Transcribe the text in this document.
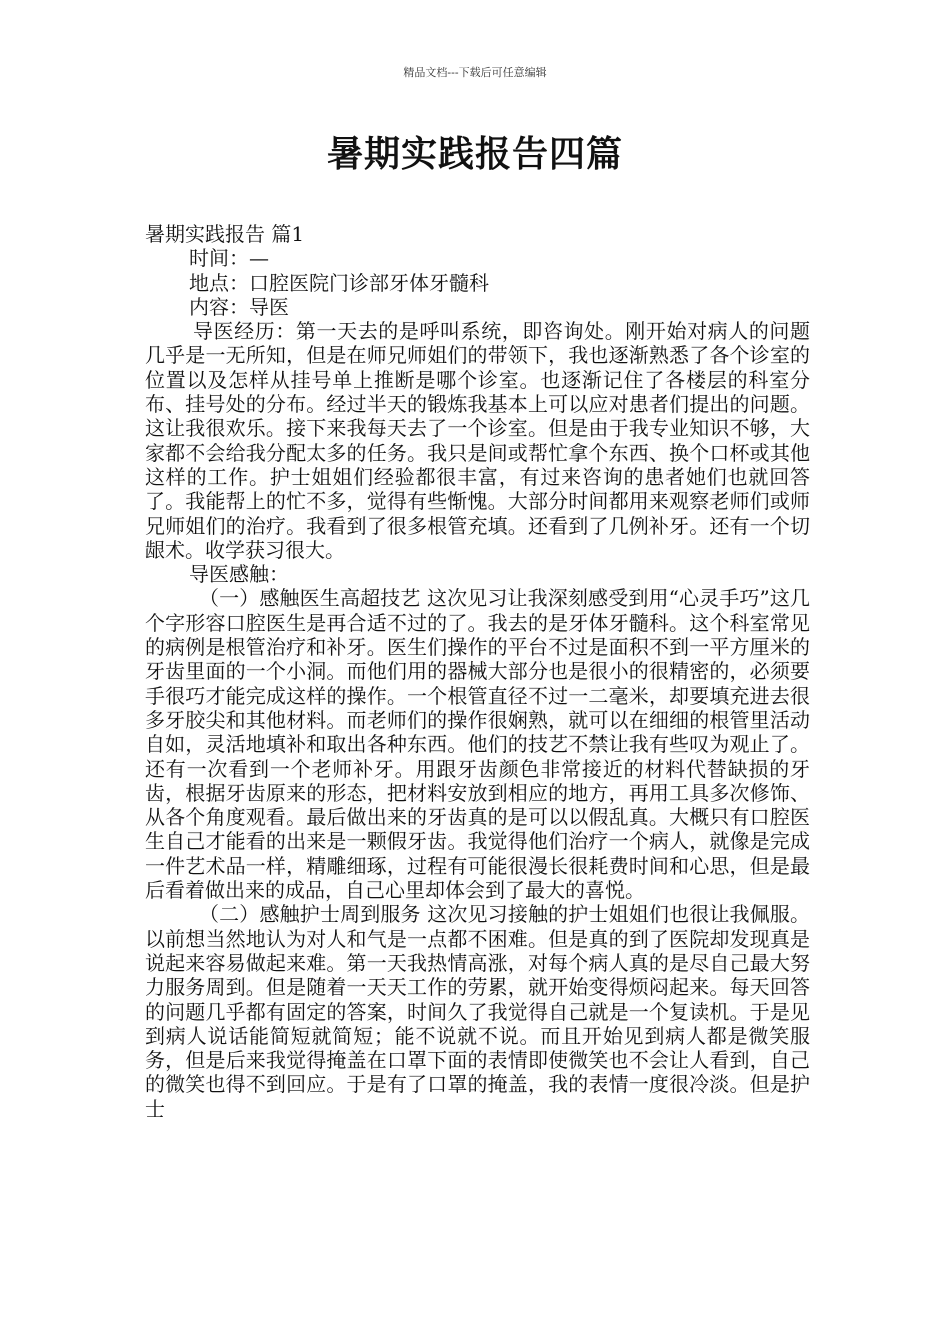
精品文档---下载后可任意编辑
暑期实践报告四篇

暑期实践报告 篇1

时间：—

地点：口腔医院门诊部牙体牙髓科

内容：导医

导医经历：第一天去的是呼叫系统，即咨询处。刚开始对病人的问题几乎是一无所知，但是在师兄师姐们的带领下，我也逐渐熟悉了各个诊室的位置以及怎样从挂号单上推断是哪个诊室。也逐渐记住了各楼层的科室分布、挂号处的分布。经过半天的锻炼我基本上可以应对患者们提出的问题。这让我很欢乐。接下来我每天去了一个诊室。但是由于我专业知识不够，大家都不会给我分配太多的任务。我只是间或帮忙拿个东西、换个口杯或其他这样的工作。护士姐姐们经验都很丰富，有过来咨询的患者她们也就回答了。我能帮上的忙不多，觉得有些惭愧。大部分时间都用来观察老师们或师兄师姐们的治疗。我看到了很多根管充填。还看到了几例补牙。还有一个切龈术。收学获习很大。

导医感触：

（一）感触医生高超技艺 这次见习让我深刻感受到用“心灵手巧”这几个字形容口腔医生是再合适不过的了。我去的是牙体牙髓科。这个科室常见的病例是根管治疗和补牙。医生们操作的平台不过是面积不到一平方厘米的牙齿里面的一个小洞。而他们用的器械大部分也是很小的很精密的，必须要手很巧才能完成这样的操作。一个根管直径不过一二毫米，却要填充进去很多牙胶尖和其他材料。而老师们的操作很娴熟，就可以在细细的根管里活动自如，灵活地填补和取出各种东西。他们的技艺不禁让我有些叹为观止了。还有一次看到一个老师补牙。用跟牙齿颜色非常接近的材料代替缺损的牙齿，根据牙齿原来的形态，把材料安放到相应的地方，再用工具多次修饰、从各个角度观看。最后做出来的牙齿真的是可以以假乱真。大概只有口腔医生自己才能看的出来是一颗假牙齿。我觉得他们治疗一个病人，就像是完成一件艺术品一样，精雕细琢，过程有可能很漫长很耗费时间和心思，但是最后看着做出来的成品，自己心里却体会到了最大的喜悦。

（二）感触护士周到服务 这次见习接触的护士姐姐们也很让我佩服。以前想当然地认为对人和气是一点都不困难。但是真的到了医院却发现真是说起来容易做起来难。第一天我热情高涨，对每个病人真的是尽自己最大努力服务周到。但是随着一天天工作的劳累，就开始变得烦闷起来。每天回答的问题几乎都有固定的答案，时间久了我觉得自己就是一个复读机。于是见到病人说话能简短就简短；能不说就不说。而且开始见到病人都是微笑服务，但是后来我觉得掩盖在口罩下面的表情即使微笑也不会让人看到，自己的微笑也得不到回应。于是有了口罩的掩盖，我的表情一度很冷淡。但是护士
